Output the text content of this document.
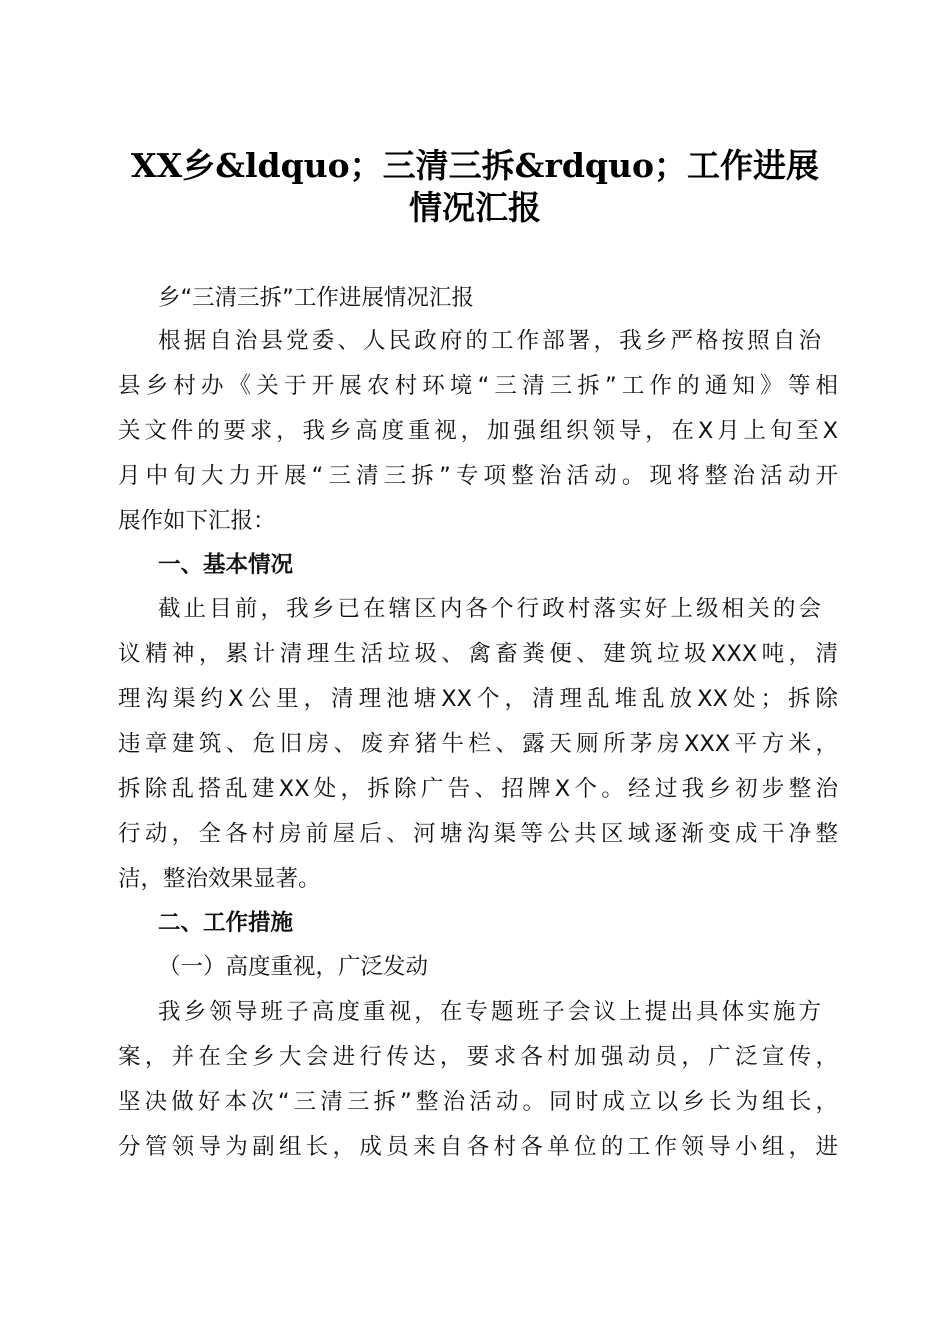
XX乡&ldquo；三清三拆&rdquo；工作进展
情况汇报
乡“三清三拆”工作进展情况汇报
根据自治县党委、人民政府的工作部署，我乡严格按照自治
县乡村办《关于开展农村环境“三清三拆”工作的通知》等相
关文件的要求，我乡高度重视，加强组织领导，在X月上旬至X
月中旬大力开展“三清三拆”专项整治活动。现将整治活动开
展作如下汇报：
一、基本情况
截止目前，我乡已在辖区内各个行政村落实好上级相关的会
议精神，累计清理生活垃圾、禽畜粪便、建筑垃圾XXX吨，清
理沟渠约X公里，清理池塘XX个，清理乱堆乱放XX处；拆除
违章建筑、危旧房、废弃猪牛栏、露天厕所茅房XXX平方米，
拆除乱搭乱建XX处，拆除广告、招牌X个。经过我乡初步整治
行动，全各村房前屋后、河塘沟渠等公共区域逐渐变成干净整
洁，整治效果显著。
二、工作措施
（一）高度重视，广泛发动
我乡领导班子高度重视，在专题班子会议上提出具体实施方
案，并在全乡大会进行传达，要求各村加强动员，广泛宣传，
坚决做好本次“三清三拆”整治活动。同时成立以乡长为组长，
分管领导为副组长，成员来自各村各单位的工作领导小组，进
